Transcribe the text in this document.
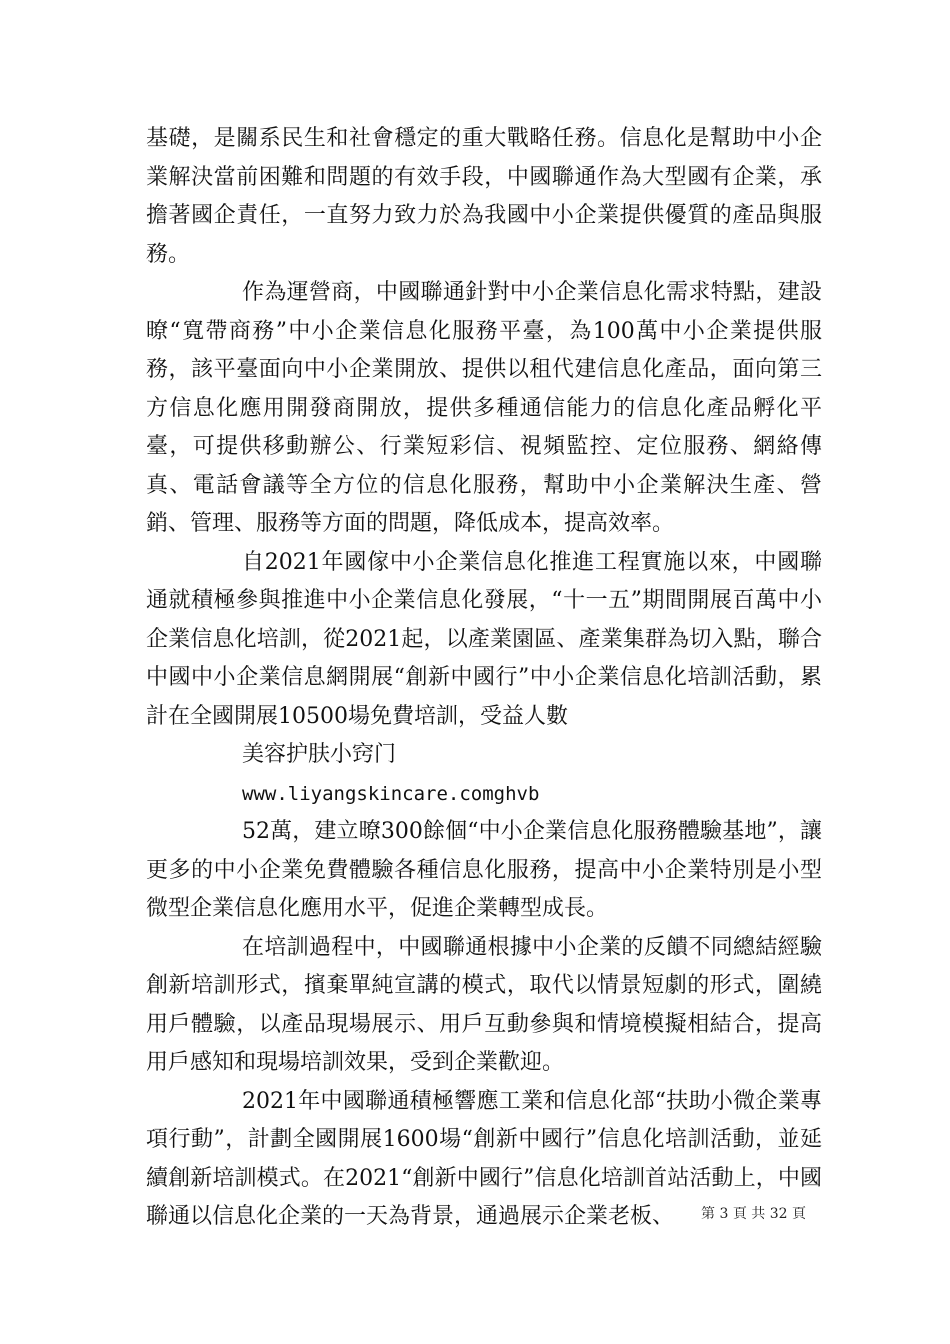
基礎，是關系民生和社會穩定的重大戰略任務。信息化是幫助中小企業解決當前困難和問題的有效手段，中國聯通作為大型國有企業，承擔著國企責任，一直努力致力於為我國中小企業提供優質的產品與服務。

作為運營商，中國聯通針對中小企業信息化需求特點，建設暸“寬帶商務”中小企業信息化服務平臺，為100萬中小企業提供服務，該平臺面向中小企業開放、提供以租代建信息化產品，面向第三方信息化應用開發商開放，提供多種通信能力的信息化產品孵化平臺，可提供移動辦公、行業短彩信、視頻監控、定位服務、網絡傳真、電話會議等全方位的信息化服務，幫助中小企業解決生產、營銷、管理、服務等方面的問題，降低成本，提高效率。

自2021年國傢中小企業信息化推進工程實施以來，中國聯通就積極參與推進中小企業信息化發展，“十一五”期間開展百萬中小企業信息化培訓，從2021起，以產業園區、產業集群為切入點，聯合中國中小企業信息網開展“創新中國行”中小企業信息化培訓活動，累計在全國開展10500場免費培訓，受益人數

美容护肤小窍门

www.liyangskincare.comghvb

52萬，建立暸300餘個“中小企業信息化服務體驗基地”，讓更多的中小企業免費體驗各種信息化服務，提高中小企業特別是小型微型企業信息化應用水平，促進企業轉型成長。

在培訓過程中，中國聯通根據中小企業的反饋不同總結經驗創新培訓形式，擯棄單純宣講的模式，取代以情景短劇的形式，圍繞用戶體驗，以產品現場展示、用戶互動參與和情境模擬相結合，提高用戶感知和現場培訓效果，受到企業歡迎。

2021年中國聯通積極響應工業和信息化部“扶助小微企業專項行動”，計劃全國開展1600場“創新中國行”信息化培訓活動，並延續創新培訓模式。在2021“創新中國行”信息化培訓首站活動上，中國聯通以信息化企業的一天為背景，通過展示企業老板、	第 3 頁 共 32 頁
